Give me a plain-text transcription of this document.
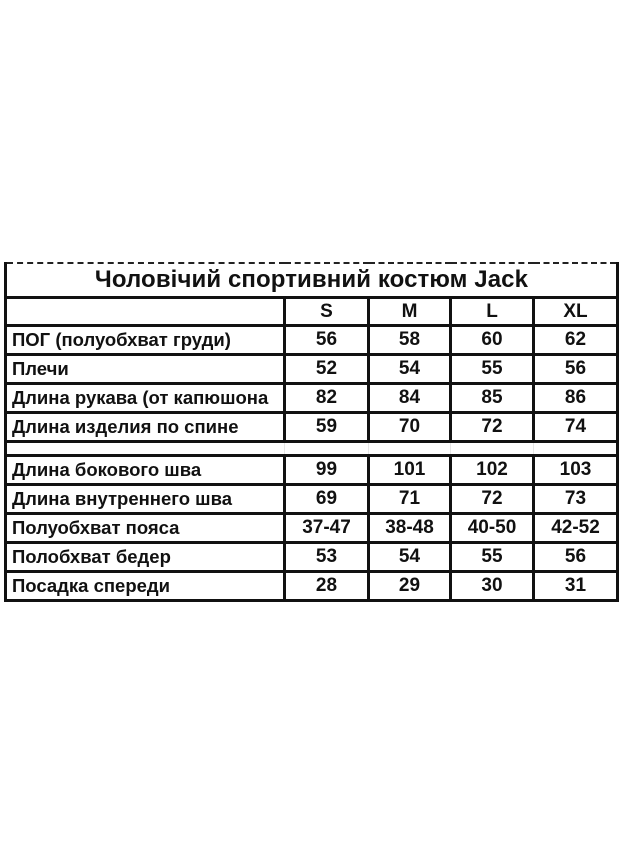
Чоловічий спортивний костюм Jack				
	S	M	L	XL
ПОГ (полуобхват груди)	56	58	60	62
Плечи	52	54	55	56
Длина рукава (от капюшона	82	84	85	86
Длина изделия по спине	59	70	72	74

Длина бокового шва	99	101	102	103
Длина внутреннего шва	69	71	72	73
Полуобхват пояса	37-47	38-48	40-50	42-52
Полобхват бедер	53	54	55	56
Посадка спереди	28	29	30	31
